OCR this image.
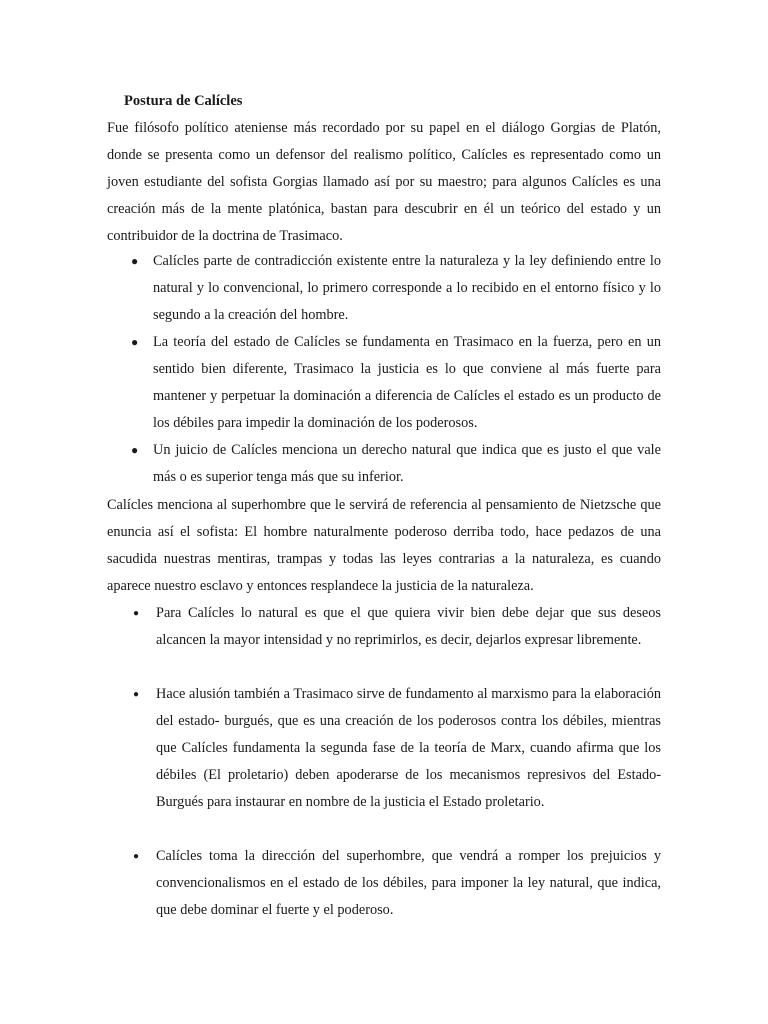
Postura de Calícles

Fue filósofo político ateniense más recordado por su papel en el diálogo Gorgias de Platón, donde se presenta como un defensor del realismo político, Calícles es representado como un joven estudiante del sofista Gorgias llamado así por su maestro; para algunos Calícles es una creación más de la mente platónica, bastan para descubrir en él un teórico del estado y un contribuidor de la doctrina de Trasimaco.

● Calícles parte de contradicción existente entre la naturaleza y la ley definiendo entre lo natural y lo convencional, lo primero corresponde a lo recibido en el entorno físico y lo segundo a la creación del hombre.
● La teoría del estado de Calícles se fundamenta en Trasimaco en la fuerza, pero en un sentido bien diferente, Trasimaco la justicia es lo que conviene al más fuerte para mantener y perpetuar la dominación a diferencia de Calícles el estado es un producto de los débiles para impedir la dominación de los poderosos.
● Un juicio de Calícles menciona un derecho natural que indica que es justo el que vale más o es superior tenga más que su inferior.

Calícles menciona al superhombre que le servirá de referencia al pensamiento de Nietzsche que enuncia así el sofista: El hombre naturalmente poderoso derriba todo, hace pedazos de una sacudida nuestras mentiras, trampas y todas las leyes contrarias a la naturaleza, es cuando aparece nuestro esclavo y entonces resplandece la justicia de la naturaleza.

● Para Calícles lo natural es que el que quiera vivir bien debe dejar que sus deseos alcancen la mayor intensidad y no reprimirlos, es decir, dejarlos expresar libremente.
● Hace alusión también a Trasimaco sirve de fundamento al marxismo para la elaboración del estado- burgués, que es una creación de los poderosos contra los débiles, mientras que Calícles fundamenta la segunda fase de la teoría de Marx, cuando afirma que los débiles (El proletario) deben apoderarse de los mecanismos represivos del Estado-Burgués para instaurar en nombre de la justicia el Estado proletario.
● Calícles toma la dirección del superhombre, que vendrá a romper los prejuicios y convencionalismos en el estado de los débiles, para imponer la ley natural, que indica, que debe dominar el fuerte y el poderoso.
